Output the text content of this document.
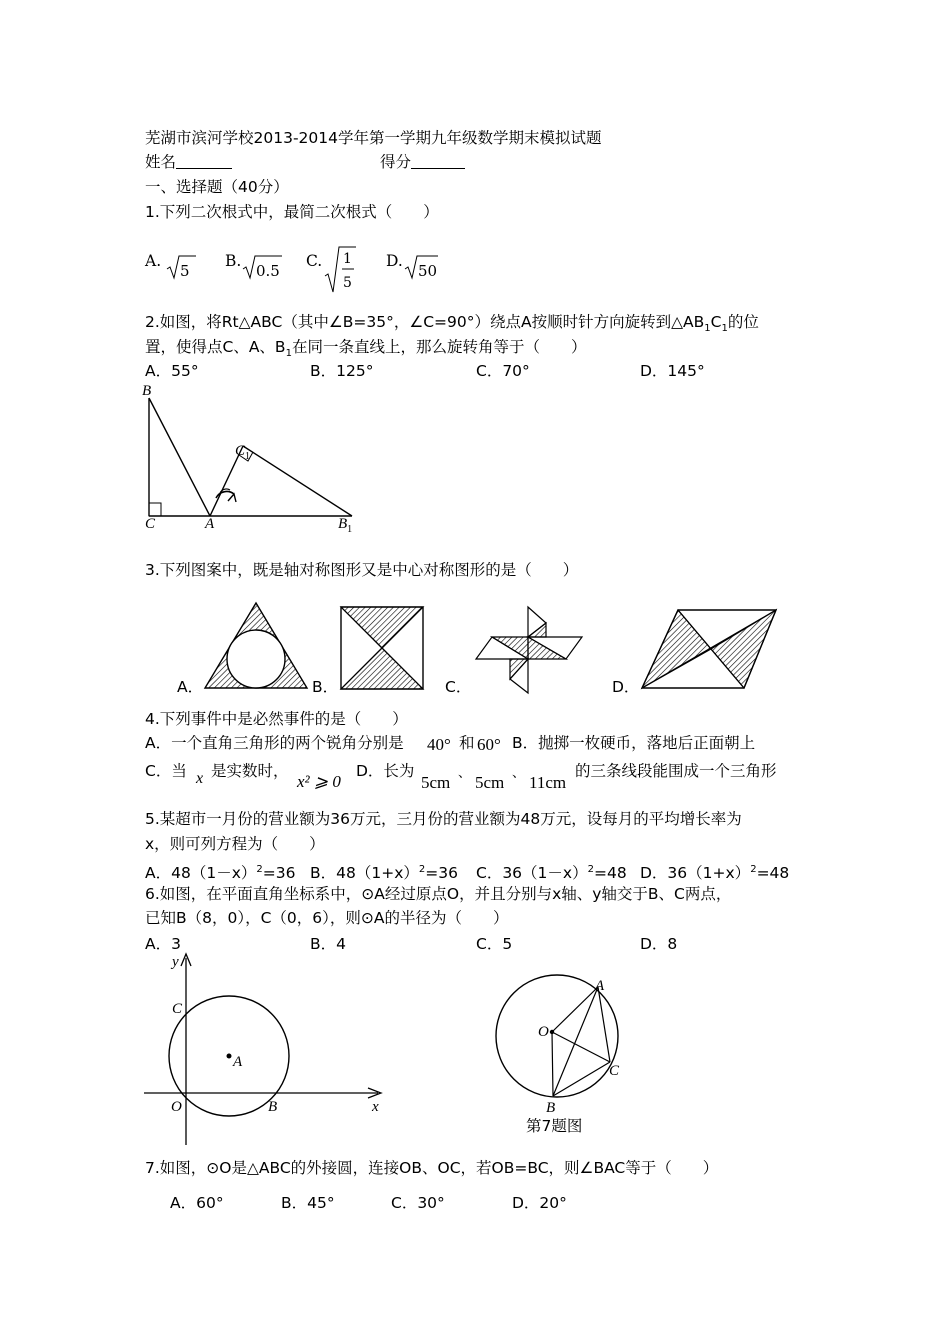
芜湖市滨河学校2013-2014学年第一学期九年级数学期末模拟试题
姓名	得分
一、选择题（40分）
1.下列二次根式中，最简二次根式（　　）
A.
5
B.
0.5
C. 1
5
D.
50
2.如图，将Rt△ABC（其中∠B=35°，∠C=90°）绕点A按顺时针方向旋转到$\triangle AB_1C_1$的位
置，使得点C、A、$B_1$在同一条直线上，那么旋转角等于（　　）
A．55°	B．125°	C．70°	D．145°
B
C	A
$C_1$
$B_1$
3.下列图案中，既是轴对称图形又是中心对称图形的是（　　）
A．	B．	C．	D．
4.下列事件中是必然事件的是（　　）
A．一个直角三角形的两个锐角分别是 40° 和 60° B．抛掷一枚硬币，落地后正面朝上
C．当 x 是实数时，
x² ⩾ 0
D．长为
5cm 、 5cm 、 11cm
的三条线段能围成一个三角形
5.某超市一月份的营业额为36万元，三月份的营业额为48万元，设每月的平均增长率为
x，则可列方程为（　　）
A．$48(1-x)^2=36$ B．$48(1+x)^2=36$ C．$36(1-x)^2=48$ D．$36(1+x)^2=48$
6.如图，在平面直角坐标系中，⊙A经过原点O，并且分别与x轴、y轴交于B、C两点，
已知B（8，0），C（0，6），则⊙A的半径为（　　）
A．3	B．4	C．5	D．8
y
x
C
O	B
A
A
O
C
B
第7题图
7.如图，⊙O是△ABC的外接圆，连接OB、OC，若OB=BC，则∠BAC等于（　　）
A．60°	B．45°	C．30°	D．20°
